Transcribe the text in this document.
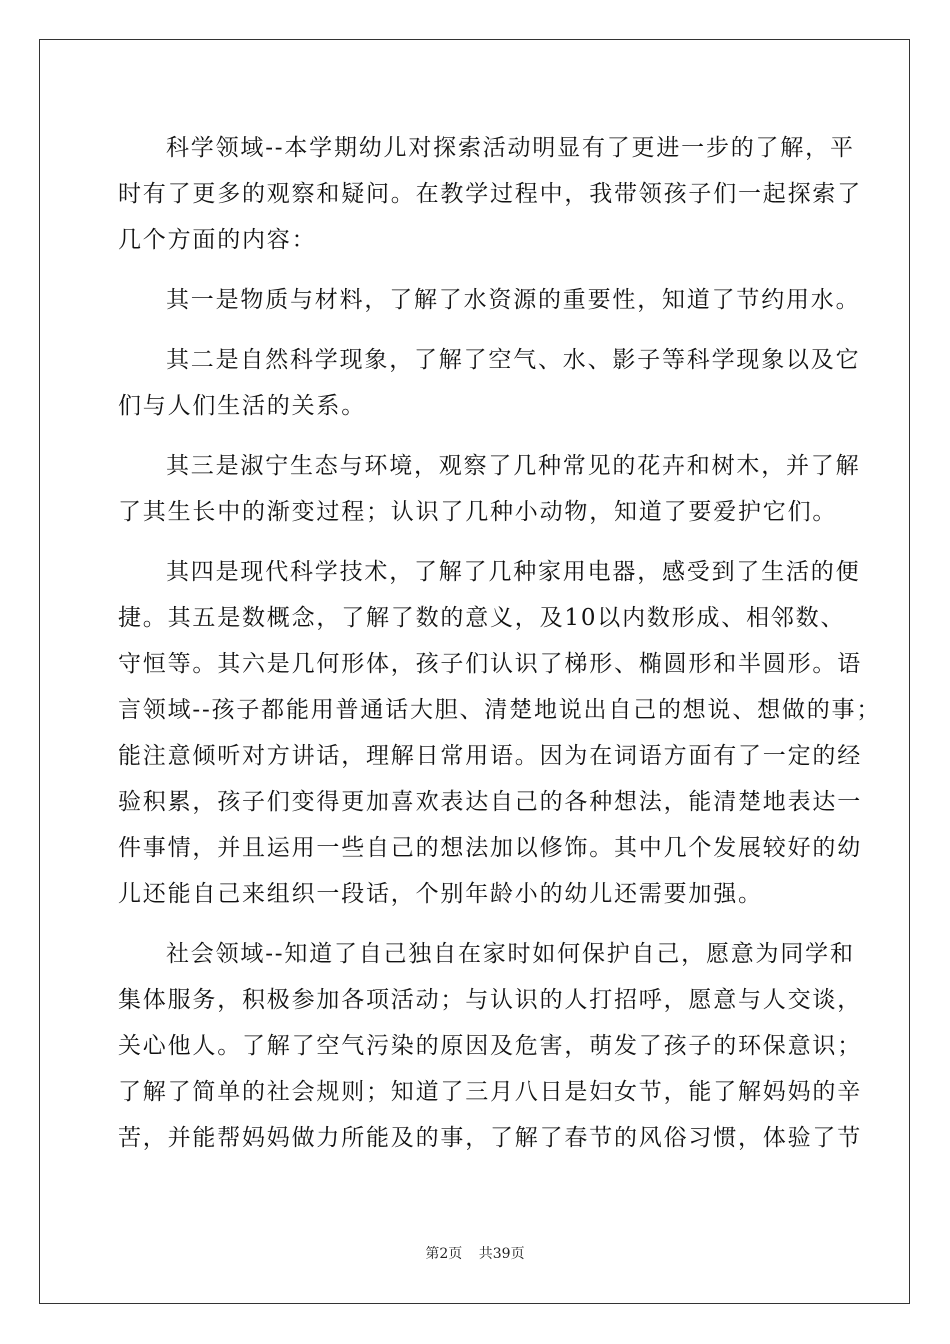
科学领域--本学期幼儿对探索活动明显有了更进一步的了解，平
时有了更多的观察和疑问。在教学过程中，我带领孩子们一起探索了
几个方面的内容：
其一是物质与材料，了解了水资源的重要性，知道了节约用水。
其二是自然科学现象，了解了空气、水、影子等科学现象以及它
们与人们生活的关系。
其三是淑宁生态与环境，观察了几种常见的花卉和树木，并了解
了其生长中的渐变过程；认识了几种小动物，知道了要爱护它们。
其四是现代科学技术，了解了几种家用电器，感受到了生活的便
捷。其五是数概念，了解了数的意义，及10以内数形成、相邻数、
守恒等。其六是几何形体，孩子们认识了梯形、椭圆形和半圆形。语
言领域--孩子都能用普通话大胆、清楚地说出自己的想说、想做的事；
能注意倾听对方讲话，理解日常用语。因为在词语方面有了一定的经
验积累，孩子们变得更加喜欢表达自己的各种想法，能清楚地表达一
件事情，并且运用一些自己的想法加以修饰。其中几个发展较好的幼
儿还能自己来组织一段话，个别年龄小的幼儿还需要加强。
社会领域--知道了自己独自在家时如何保护自己，愿意为同学和
集体服务，积极参加各项活动；与认识的人打招呼，愿意与人交谈，
关心他人。了解了空气污染的原因及危害，萌发了孩子的环保意识；
了解了简单的社会规则；知道了三月八日是妇女节，能了解妈妈的辛
苦，并能帮妈妈做力所能及的事，了解了春节的风俗习惯，体验了节
第2页 共39页
